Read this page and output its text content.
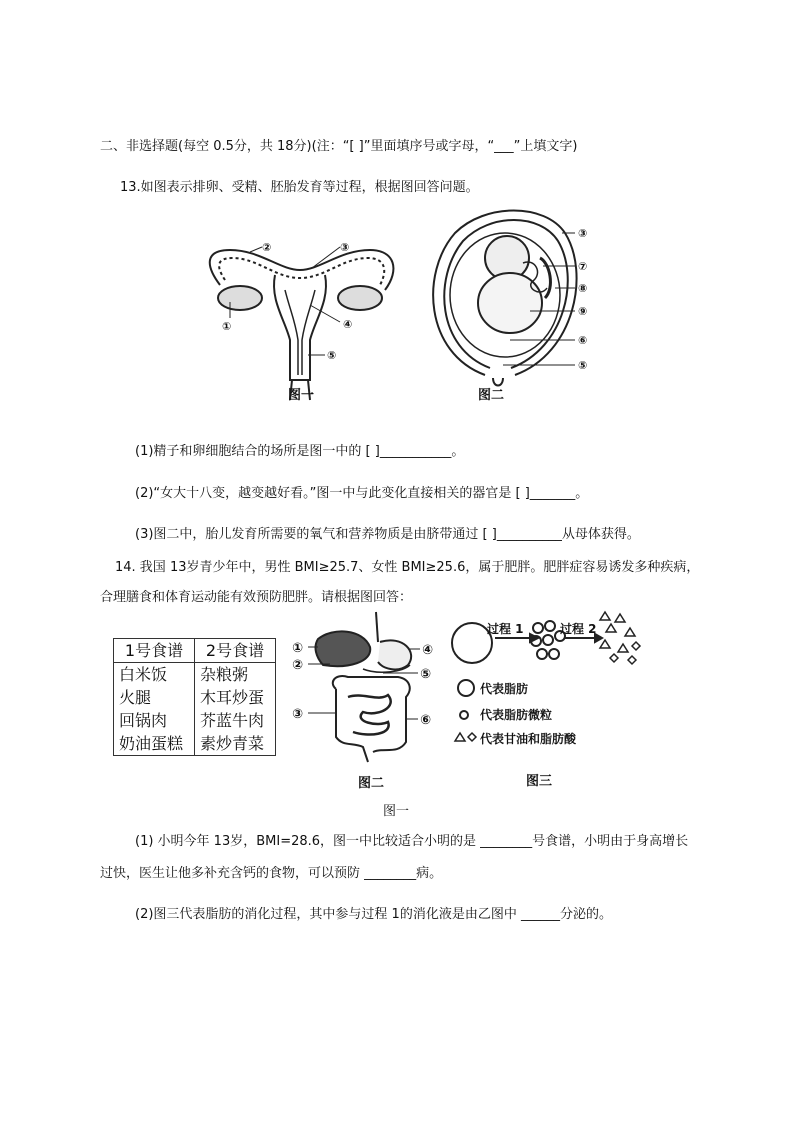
二、非选择题(每空 0.5分，共 18分)(注：“[ ]”里面填序号或字母，“___”上填文字)
13.如图表示排卵、受精、胚胎发育等过程，根据图回答问题。
②	③
①	④
⑤
图一
③
⑦
⑧
⑨
⑥
⑤
图二
(1)精子和卵细胞结合的场所是图一中的 [ ]___________。
(2)“女大十八变，越变越好看。”图一中与此变化直接相关的器官是 [ ]_______。
(3)图二中，胎儿发育所需要的氧气和营养物质是由脐带通过 [ ]__________从母体获得。
14. 我国 13岁青少年中，男性 BMI≥25.7、女性 BMI≥25.6，属于肥胖。肥胖症容易诱发多种疾病，
合理膳食和体育运动能有效预防肥胖。请根据图回答：
1号食谱	2号食谱
白米饭	杂粮粥
火腿	木耳炒蛋
回锅肉	芥蓝牛肉
奶油蛋糕	素炒青菜
①
②
③
④
⑤
⑥
图二
过程 1	过程 2
代表脂肪
代表脂肪微粒
代表甘油和脂肪酸
图三
图一
(1) 小明今年 13岁，BMI=28.6，图一中比较适合小明的是 ________号食谱，小明由于身高增长
过快，医生让他多补充含钙的食物，可以预防 ________病。
(2)图三代表脂肪的消化过程，其中参与过程 1的消化液是由乙图中 ______分泌的。
